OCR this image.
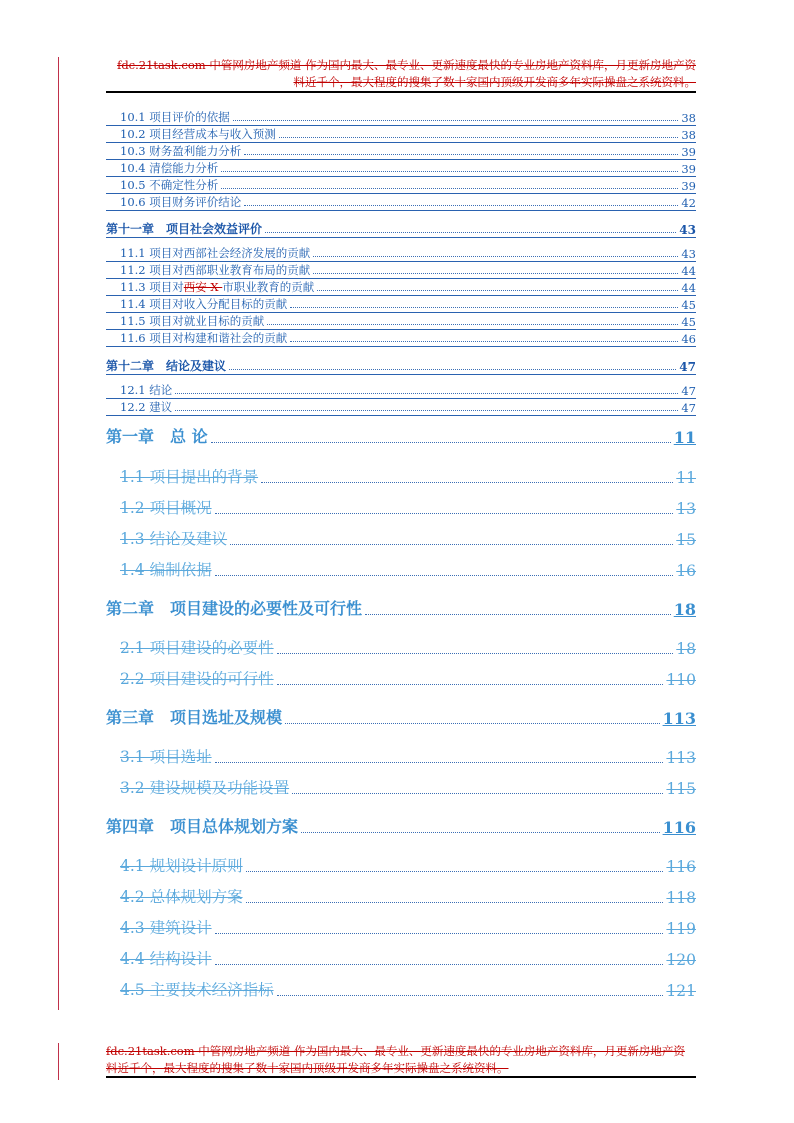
fdc.21task.com 中管网房地产频道 作为国内最大、最专业、更新速度最快的专业房地产资料库，月更新房地产资料近千个，最大程度的搜集了数十家国内顶级开发商多年实际操盘之系统资料。
10.1 项目评价的依据	38
10.2 项目经营成本与收入预测	38
10.3 财务盈利能力分析	39
10.4 清偿能力分析	39
10.5 不确定性分析	39
10.6 项目财务评价结论	42
第十一章　项目社会效益评价	43
11.1 项目对西部社会经济发展的贡献	43
11.2 项目对西部职业教育布局的贡献	44
11.3 项目对西安 X 市职业教育的贡献	44
11.4 项目对收入分配目标的贡献	45
11.5 项目对就业目标的贡献	45
11.6 项目对构建和谐社会的贡献	46
第十二章　结论及建议	47
12.1 结论	47
12.2 建议	47
第一章　总 论	11
1.1 项目提出的背景	11
1.2 项目概况	13
1.3 结论及建议	15
1.4 编制依据	16
第二章　项目建设的必要性及可行性	18
2.1 项目建设的必要性	18
2.2 项目建设的可行性	110
第三章　项目选址及规模	113
3.1 项目选址	113
3.2 建设规模及功能设置	115
第四章　项目总体规划方案	116
4.1 规划设计原则	116
4.2 总体规划方案	118
4.3 建筑设计	119
4.4 结构设计	120
4.5 主要技术经济指标	121
fdc.21task.com 中管网房地产频道 作为国内最大、最专业、更新速度最快的专业房地产资料库，月更新房地产资料近千个，最大程度的搜集了数十家国内顶级开发商多年实际操盘之系统资料。
